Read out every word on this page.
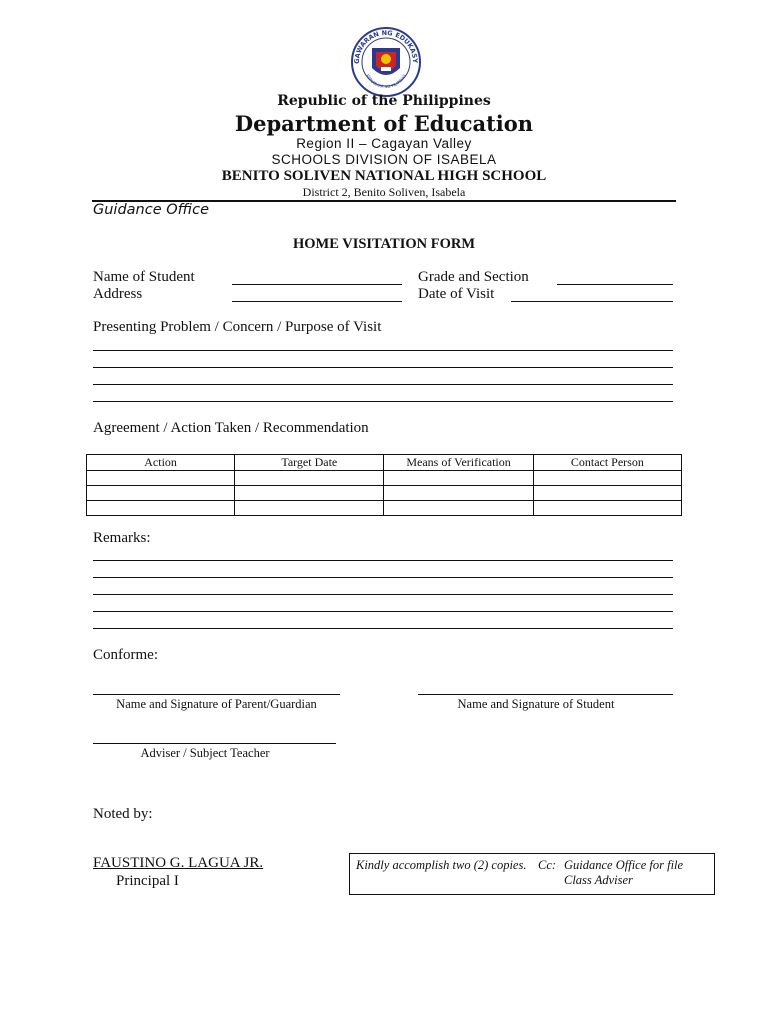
GAWARAN NG EDUKASY
REPUBLIKA NG PILIPINAS
Republic of the Philippines
Department of Education
Region II – Cagayan Valley
SCHOOLS DIVISION OF ISABELA
BENITO SOLIVEN NATIONAL HIGH SCHOOL
District 2, Benito Soliven, Isabela
Guidance Office
HOME VISITATION FORM
Name of Student	Grade and Section
Address	Date of Visit
Presenting Problem / Concern / Purpose of Visit
Agreement / Action Taken / Recommendation
Action	Target Date	Means of Verification	Contact Person

Remarks:
Conforme:
Name and Signature of Parent/Guardian	Name and Signature of Student
Adviser / Subject Teacher
Noted by:
FAUSTINO G. LAGUA JR.
Principal I
Kindly accomplish two (2) copies. Cc: Guidance Office for file
Class Adviser
